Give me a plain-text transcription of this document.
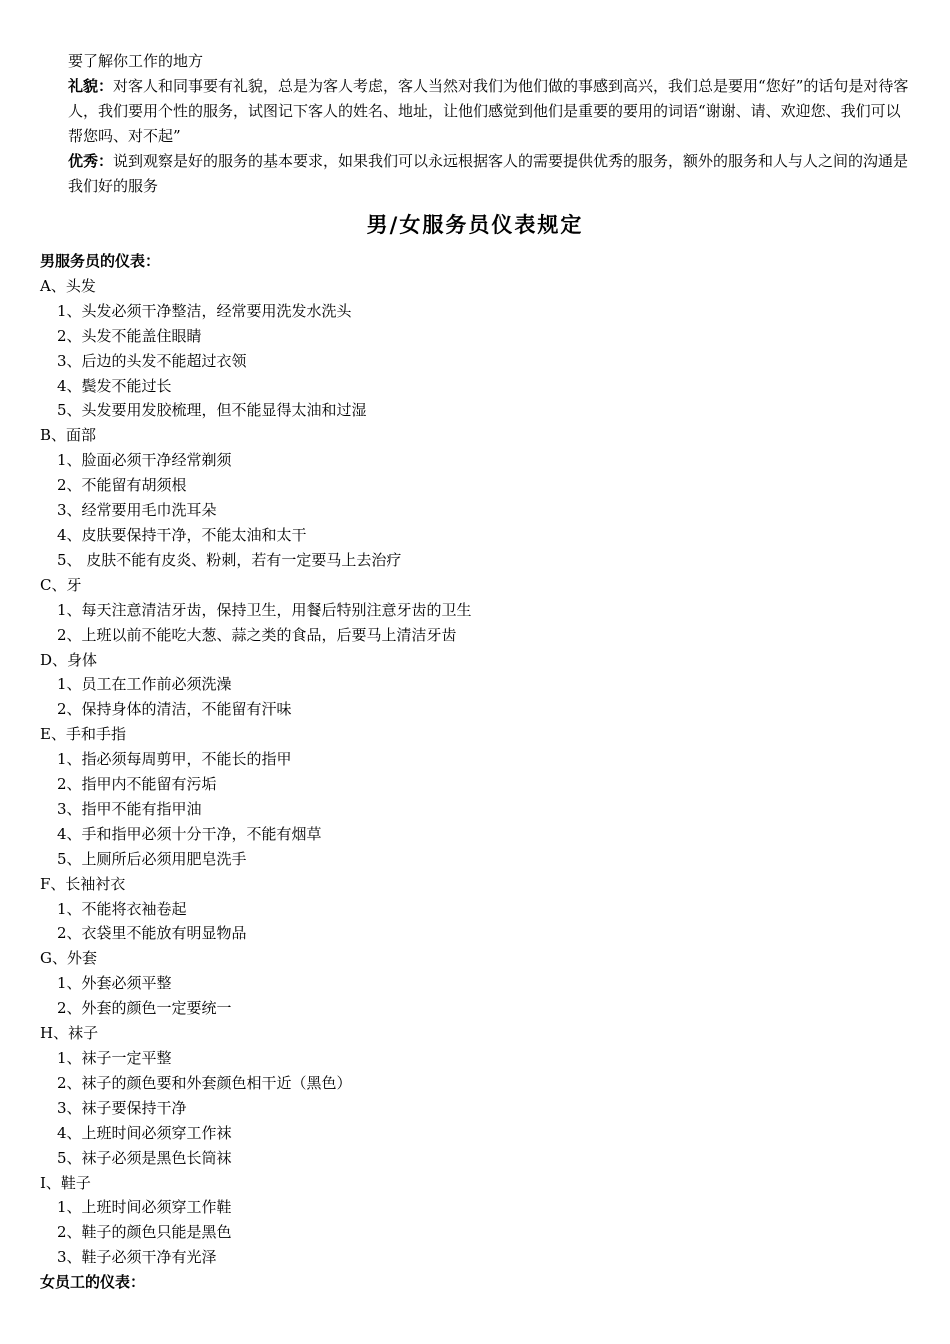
要了解你工作的地方

礼貌：对客人和同事要有礼貌，总是为客人考虑，客人当然对我们为他们做的事感到高兴，我们总是要用“您好”的话句是对待客人，我们要用个性的服务，试图记下客人的姓名、地址，让他们感觉到他们是重要的要用的词语“谢谢、请、欢迎您、我们可以帮您吗、对不起”

优秀：说到观察是好的服务的基本要求，如果我们可以永远根据客人的需要提供优秀的服务，额外的服务和人与人之间的沟通是我们好的服务

男/女服务员仪表规定
男服务员的仪表：
A、头发
1、头发必须干净整洁，经常要用洗发水洗头
2、头发不能盖住眼睛
3、后边的头发不能超过衣领
4、鬓发不能过长
5、头发要用发胶梳理，但不能显得太油和过湿
B、面部
1、脸面必须干净经常剃须
2、不能留有胡须根
3、经常要用毛巾洗耳朵
4、皮肤要保持干净，不能太油和太干
5、 皮肤不能有皮炎、粉刺，若有一定要马上去治疗
C、牙
1、每天注意清洁牙齿，保持卫生，用餐后特别注意牙齿的卫生
2、上班以前不能吃大葱、蒜之类的食品，后要马上清洁牙齿
D、身体
1、员工在工作前必须洗澡
2、保持身体的清洁，不能留有汗味
E、手和手指
1、指必须每周剪甲，不能长的指甲
2、指甲内不能留有污垢
3、指甲不能有指甲油
4、手和指甲必须十分干净，不能有烟草
5、上厕所后必须用肥皂洗手
F、长袖衬衣
1、不能将衣袖卷起
2、衣袋里不能放有明显物品
G、外套
1、外套必须平整
2、外套的颜色一定要统一
H、袜子
1、袜子一定平整
2、袜子的颜色要和外套颜色相干近（黑色）
3、袜子要保持干净
4、上班时间必须穿工作袜
5、袜子必须是黑色长筒袜
I、鞋子
1、上班时间必须穿工作鞋
2、鞋子的颜色只能是黑色
3、鞋子必须干净有光泽
女员工的仪表：
